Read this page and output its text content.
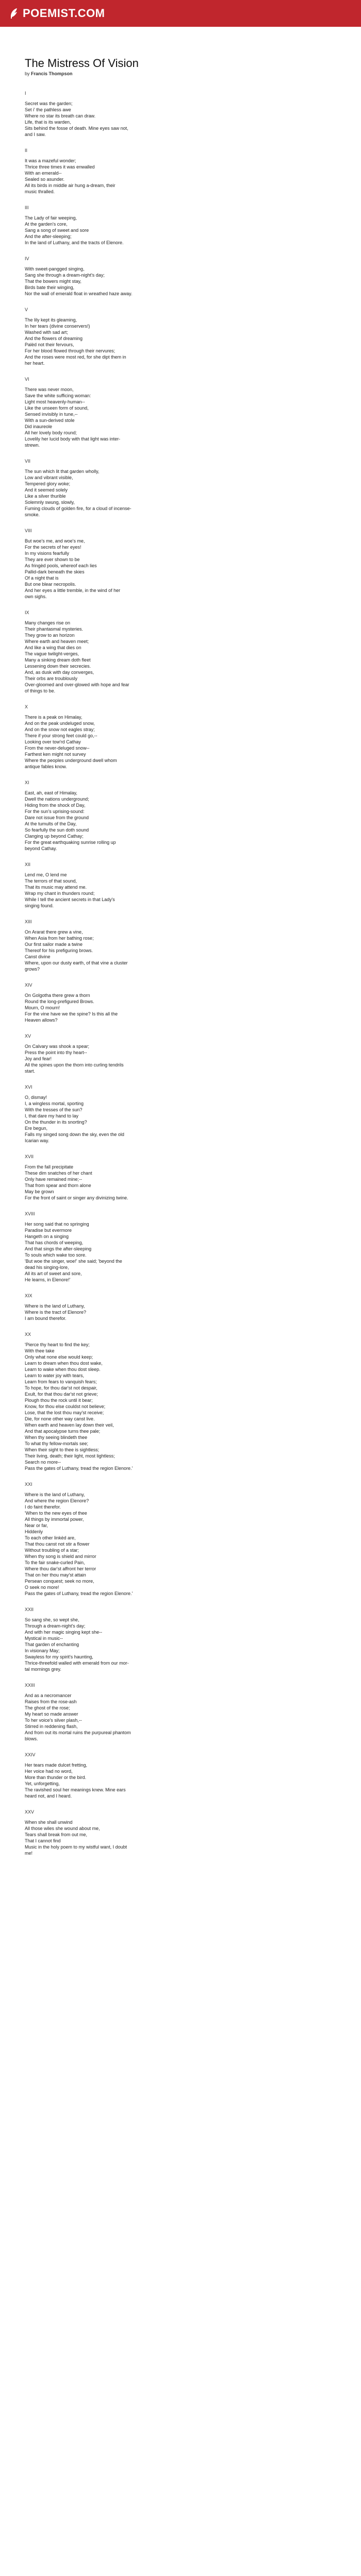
POEMIST.COM
The Mistress Of Vision
by Francis Thompson
I
Secret was the garden;
Set i' the pathless awe
Where no star its breath can draw.
Life, that is its warden,
Sits behind the fosse of death. Mine eyes saw not,
and I saw.
II
It was a mazeful wonder;
Thrice three times it was enwalled
With an emerald--
Sealed so asunder.
All its birds in middle air hung a-dream, their
music thralled.
III
The Lady of fair weeping,
At the garden's core,
Sang a song of sweet and sore
And the after-sleeping;
In the land of Luthany, and the tracts of Elenore.
IV
With sweet-pangged singing,
Sang she through a dream-night's day;
That the bowers might stay,
Birds bate their winging,
Nor the wall of emerald float in wreathed haze away.
V
The lily kept its gleaming,
In her tears (divine conservers!)
Washed with sad art;
And the flowers of dreaming
Palèd not their fervours,
For her blood flowed through their nervures;
And the roses were most red, for she dipt them in
her heart.
VI
There was never moon,
Save the white sufficing woman:
Light most heavenly-human--
Like the unseen form of sound,
Sensed invisibly in tune,--
With a sun-derived stole
Did inaureole
All her lovely body round;
Lovelily her lucid body with that light was inter-
strewn.
VII
The sun which lit that garden wholly,
Low and vibrant visible,
Tempered glory woke;
And it seemed solely
Like a silver thurible
Solemnly swung, slowly,
Fuming clouds of golden fire, for a cloud of incense-
smoke.
VIII
But woe's me, and woe's me,
For the secrets of her eyes!
In my visions fearfully
They are ever shown to be
As fringèd pools, whereof each lies
Pallid-dark beneath the skies
Of a night that is
But one blear necropolis.
And her eyes a little tremble, in the wind of her
own sighs.
IX
Many changes rise on
Their phantasmal mysteries.
They grow to an horizon
Where earth and heaven meet;
And like a wing that dies on
The vague twilight-verges,
Many a sinking dream doth fleet
Lessening down their secrecies.
And, as dusk with day converges,
Their orbs are troublously
Over-gloomed and over-glowed with hope and fear
of things to be.
X
There is a peak on Himalay,
And on the peak undeluged snow,
And on the snow not eagles stray;
There if your strong feet could go,--
Looking over tow'rd Cathay
From the never-deluged snow--
Farthest ken might not survey
Where the peoples underground dwell whom
antique fables know.
XI
East, ah, east of Himalay,
Dwell the nations underground;
Hiding from the shock of Day,
For the sun's uprising-sound:
Dare not issue from the ground
At the tumults of the Day,
So fearfully the sun doth sound
Clanging up beyond Cathay;
For the great earthquaking sunrise rolling up
beyond Cathay.
XII
Lend me, O lend me
The terrors of that sound,
That its music may attend me.
Wrap my chant in thunders round;
While I tell the ancient secrets in that Lady's
singing found.
XIII
On Ararat there grew a vine,
When Asia from her bathing rose;
Our first sailor made a twine
Thereof for his prefiguring brows.
Canst divine
Where, upon our dusty earth, of that vine a cluster
grows?
XIV
On Golgotha there grew a thorn
Round the long-prefigured Brows.
Mourn, O mourn!
For the vine have we the spine? Is this all the
Heaven allows?
XV
On Calvary was shook a spear;
Press the point into thy heart--
Joy and fear!
All the spines upon the thorn into curling tendrils
start.
XVI
O, dismay!
I, a wingless mortal, sporting
With the tresses of the sun?
I, that dare my hand to lay
On the thunder in its snorting?
Ere begun,
Falls my singed song down the sky, even the old
Icarian way.
XVII
From the fall precipitate
These dim snatches of her chant
Only have remained mine;--
That from spear and thorn alone
May be grown
For the front of saint or singer any divinizing twine.
XVIII
Her song said that no springing
Paradise but evermore
Hangeth on a singing
That has chords of weeping,
And that sings the after-sleeping
To souls which wake too sore.
'But woe the singer, woe!' she said; 'beyond the
dead his singing-lore,
All its art of sweet and sore,
He learns, in Elenore!'
XIX
Where is the land of Luthany,
Where is the tract of Elenore?
I am bound therefor.
XX
'Pierce thy heart to find the key;
With thee take
Only what none else would keep;
Learn to dream when thou dost wake,
Learn to wake when thou dost sleep.
Learn to water joy with tears,
Learn from fears to vanquish fears;
To hope, for thou dar'st not despair,
Exult, for that thou dar'st not grieve;
Plough thou the rock until it bear;
Know, for thou else couldst not believe;
Lose, that the lost thou may'st receive;
Die, for none other way canst live.
When earth and heaven lay down their veil,
And that apocalypse turns thee pale;
When thy seeing blindeth thee
To what thy fellow-mortals see;
When their sight to thee is sightless;
Their living, death; their light, most lightless;
Search no more--
Pass the gates of Luthany, tread the region Elenore.'
XXI
Where is the land of Luthany,
And where the region Elenore?
I do faint therefor.
'When to the new eyes of thee
All things by immortal power,
Near or far,
Hiddenly
To each other linkèd are,
That thou canst not stir a flower
Without troubling of a star;
When thy song is shield and mirror
To the fair snake-curled Pain,
Where thou dar'st affront her terror
That on her thou may'st attain
Persean conquest; seek no more,
O seek no more!
Pass the gates of Luthany, tread the region Elenore.'
XXII
So sang she, so wept she,
Through a dream-night's day;
And with her magic singing kept she--
Mystical in music--
That garden of enchanting
In visionary May;
Swayless for my spirit's haunting,
Thrice-threefold walled with emerald from our mor-
tal mornings grey.
XXIII
And as a necromancer
Raises from the rose-ash
The ghost of the rose;
My heart so made answer
To her voice's silver plash,--
Stirred in reddening flash,
And from out its mortal ruins the purpureal phantom
blows.
XXIV
Her tears made dulcet fretting,
Her voice had no word,
More than thunder or the bird.
Yet, unforgetting,
The ravished soul her meanings knew. Mine ears
heard not, and I heard.
XXV
When she shall unwind
All those wiles she wound about me,
Tears shall break from out me,
That I cannot find
Music in the holy poem to my wistful want, I doubt
me!
